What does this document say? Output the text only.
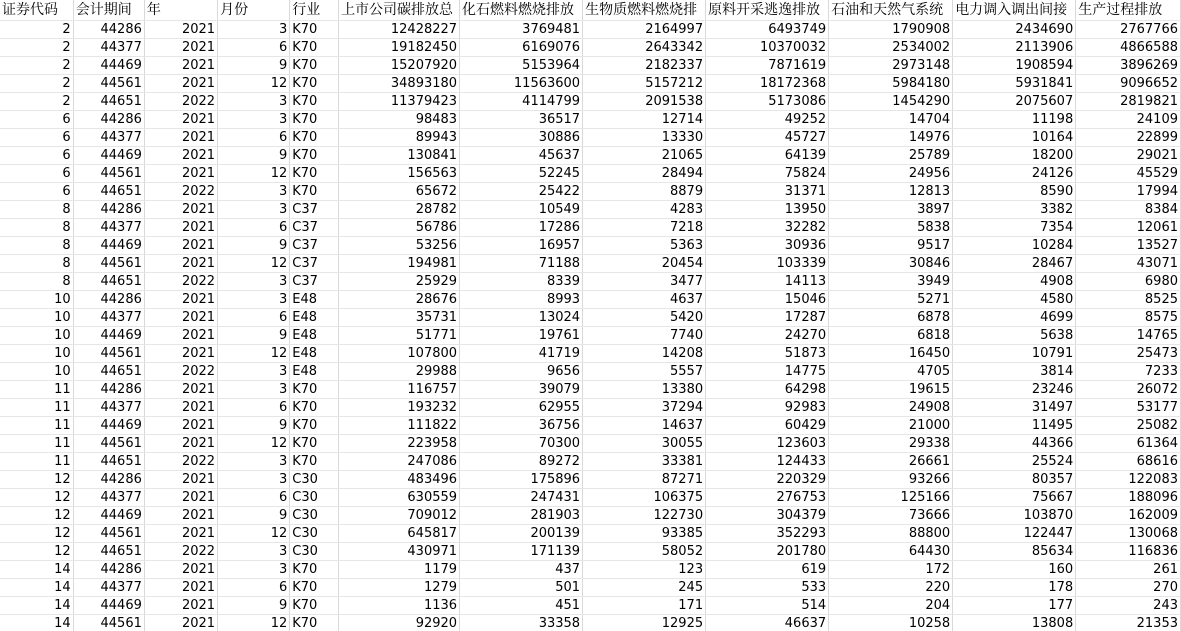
证券代码	会计期间	年	月份	行业	上市公司碳排放总	化石燃料燃烧排放	生物质燃料燃烧排	原料开采逃逸排放	石油和天然气系统	电力调入调出间接	生产过程排放
2	44286	2021	3	K70	12428227	3769481	2164997	6493749	1790908	2434690	2767766
2	44377	2021	6	K70	19182450	6169076	2643342	10370032	2534002	2113906	4866588
2	44469	2021	9	K70	15207920	5153964	2182337	7871619	2973148	1908594	3896269
2	44561	2021	12	K70	34893180	11563600	5157212	18172368	5984180	5931841	9096652
2	44651	2022	3	K70	11379423	4114799	2091538	5173086	1454290	2075607	2819821
6	44286	2021	3	K70	98483	36517	12714	49252	14704	11198	24109
6	44377	2021	6	K70	89943	30886	13330	45727	14976	10164	22899
6	44469	2021	9	K70	130841	45637	21065	64139	25789	18200	29021
6	44561	2021	12	K70	156563	52245	28494	75824	24956	24126	45529
6	44651	2022	3	K70	65672	25422	8879	31371	12813	8590	17994
8	44286	2021	3	C37	28782	10549	4283	13950	3897	3382	8384
8	44377	2021	6	C37	56786	17286	7218	32282	5838	7354	12061
8	44469	2021	9	C37	53256	16957	5363	30936	9517	10284	13527
8	44561	2021	12	C37	194981	71188	20454	103339	30846	28467	43071
8	44651	2022	3	C37	25929	8339	3477	14113	3949	4908	6980
10	44286	2021	3	E48	28676	8993	4637	15046	5271	4580	8525
10	44377	2021	6	E48	35731	13024	5420	17287	6878	4699	8575
10	44469	2021	9	E48	51771	19761	7740	24270	6818	5638	14765
10	44561	2021	12	E48	107800	41719	14208	51873	16450	10791	25473
10	44651	2022	3	E48	29988	9656	5557	14775	4705	3814	7233
11	44286	2021	3	K70	116757	39079	13380	64298	19615	23246	26072
11	44377	2021	6	K70	193232	62955	37294	92983	24908	31497	53177
11	44469	2021	9	K70	111822	36756	14637	60429	21000	11495	25082
11	44561	2021	12	K70	223958	70300	30055	123603	29338	44366	61364
11	44651	2022	3	K70	247086	89272	33381	124433	26661	25524	68616
12	44286	2021	3	C30	483496	175896	87271	220329	93266	80357	122083
12	44377	2021	6	C30	630559	247431	106375	276753	125166	75667	188096
12	44469	2021	9	C30	709012	281903	122730	304379	73666	103870	162009
12	44561	2021	12	C30	645817	200139	93385	352293	88800	122447	130068
12	44651	2022	3	C30	430971	171139	58052	201780	64430	85634	116836
14	44286	2021	3	K70	1179	437	123	619	172	160	261
14	44377	2021	6	K70	1279	501	245	533	220	178	270
14	44469	2021	9	K70	1136	451	171	514	204	177	243
14	44561	2021	12	K70	92920	33358	12925	46637	10258	13808	21353
